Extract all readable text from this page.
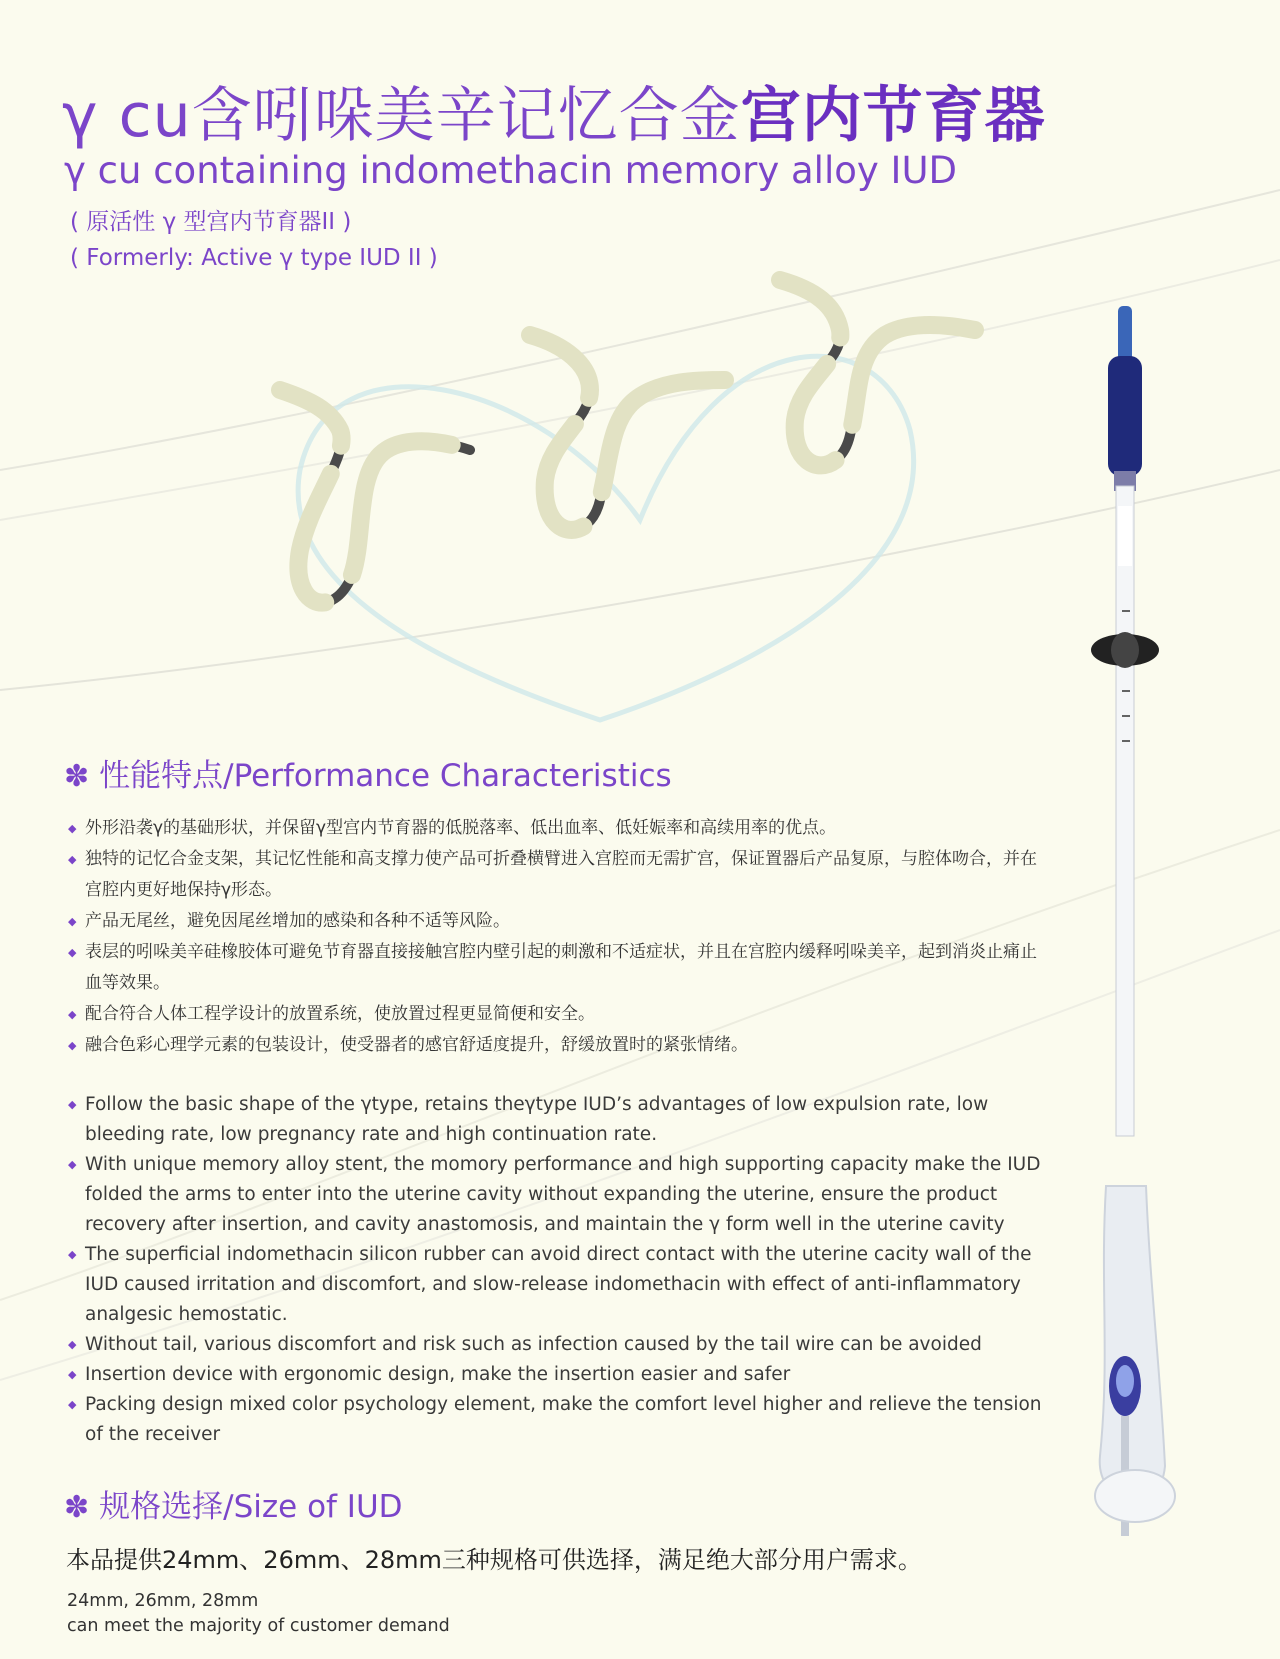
γ cu含吲哚美辛记忆合金宫内节育器
γ cu containing indomethacin memory alloy IUD
( 原活性 γ 型宫内节育器II )
( Formerly: Active γ type IUD II )
✽ 性能特点/Performance Characteristics
◆ 外形沿袭γ的基础形状，并保留γ型宫内节育器的低脱落率、低出血率、低妊娠率和高续用率的优点。
◆ 独特的记忆合金支架，其记忆性能和高支撑力使产品可折叠横臂进入宫腔而无需扩宫，保证置器后产品复原，与腔体吻合，并在宫腔内更好地保持γ形态。
◆ 产品无尾丝，避免因尾丝增加的感染和各种不适等风险。
◆ 表层的吲哚美辛硅橡胶体可避免节育器直接接触宫腔内壁引起的刺激和不适症状，并且在宫腔内缓释吲哚美辛，起到消炎止痛止血等效果。
◆ 配合符合人体工程学设计的放置系统，使放置过程更显简便和安全。
◆ 融合色彩心理学元素的包装设计，使受器者的感官舒适度提升，舒缓放置时的紧张情绪。
◆ Follow the basic shape of the γtype, retains theγtype IUD’s advantages of low expulsion rate, low bleeding rate, low pregnancy rate and high continuation rate.
◆ With unique memory alloy stent, the momory performance and high supporting capacity make the IUD folded the arms to enter into the uterine cavity without expanding the uterine, ensure the product recovery after insertion, and cavity anastomosis, and maintain the γ form well in the uterine cavity
◆ The superficial indomethacin silicon rubber can avoid direct contact with the uterine cacity wall of the IUD caused irritation and discomfort, and slow-release indomethacin with effect of anti-inflammatory analgesic hemostatic.
◆ Without tail, various discomfort and risk such as infection caused by the tail wire can be avoided
◆ Insertion device with ergonomic design, make the insertion easier and safer
◆ Packing design mixed color psychology element, make the comfort level higher and relieve the tension of the receiver
✽ 规格选择/Size of IUD
本品提供24mm、26mm、28mm三种规格可供选择，满足绝大部分用户需求。
24mm, 26mm, 28mm
can meet the majority of customer demand
